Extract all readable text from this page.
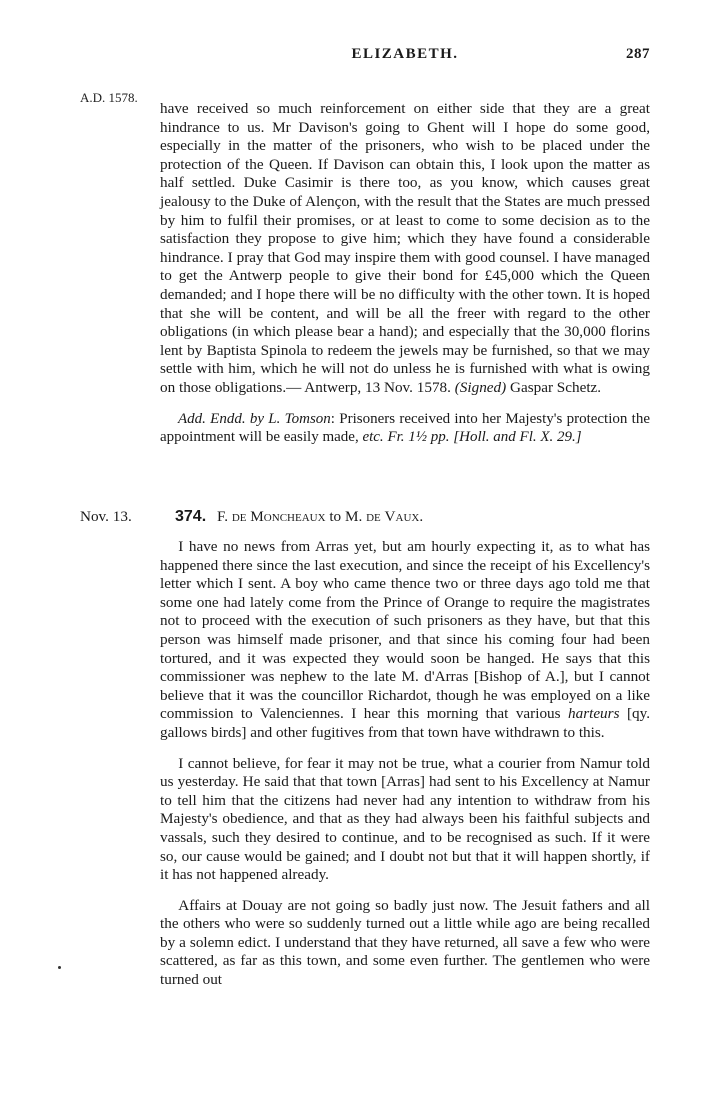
ELIZABETH.	287
A.D. 1578.

have received so much reinforcement on either side that they are a great hindrance to us. Mr Davison's going to Ghent will I hope do some good, especially in the matter of the prisoners, who wish to be placed under the protection of the Queen. If Davison can obtain this, I look upon the matter as half settled. Duke Casimir is there too, as you know, which causes great jealousy to the Duke of Alençon, with the result that the States are much pressed by him to fulfil their promises, or at least to come to some decision as to the satisfaction they propose to give him; which they have found a considerable hindrance. I pray that God may inspire them with good counsel. I have managed to get the Antwerp people to give their bond for £45,000 which the Queen demanded; and I hope there will be no difficulty with the other town. It is hoped that she will be content, and will be all the freer with regard to the other obligations (in which please bear a hand); and especially that the 30,000 florins lent by Baptista Spinola to redeem the jewels may be furnished, so that we may settle with him, which he will not do unless he is furnished with what is owing on those obligations.— Antwerp, 13 Nov. 1578. (Signed) Gaspar Schetz.

Add. Endd. by L. Tomson: Prisoners received into her Majesty's protection the appointment will be easily made, etc. Fr. 1½ pp. [Holl. and Fl. X. 29.]

Nov. 13.	374. F. de Moncheaux to M. de Vaux.

I have no news from Arras yet, but am hourly expecting it, as to what has happened there since the last execution, and since the receipt of his Excellency's letter which I sent. A boy who came thence two or three days ago told me that some one had lately come from the Prince of Orange to require the magistrates not to proceed with the execution of such prisoners as they have, but that this person was himself made prisoner, and that since his coming four had been tortured, and it was expected they would soon be hanged. He says that this commissioner was nephew to the late M. d'Arras [Bishop of A.], but I cannot believe that it was the councillor Richardot, though he was employed on a like commission to Valenciennes. I hear this morning that various harteurs [qy. gallows birds] and other fugitives from that town have withdrawn to this.

I cannot believe, for fear it may not be true, what a courier from Namur told us yesterday. He said that that town [Arras] had sent to his Excellency at Namur to tell him that the citizens had never had any intention to withdraw from his Majesty's obedience, and that as they had always been his faithful subjects and vassals, such they desired to continue, and to be recognised as such. If it were so, our cause would be gained; and I doubt not but that it will happen shortly, if it has not happened already.

Affairs at Douay are not going so badly just now. The Jesuit fathers and all the others who were so suddenly turned out a little while ago are being recalled by a solemn edict. I understand that they have returned, all save a few who were scattered, as far as this town, and some even further. The gentlemen who were turned out
